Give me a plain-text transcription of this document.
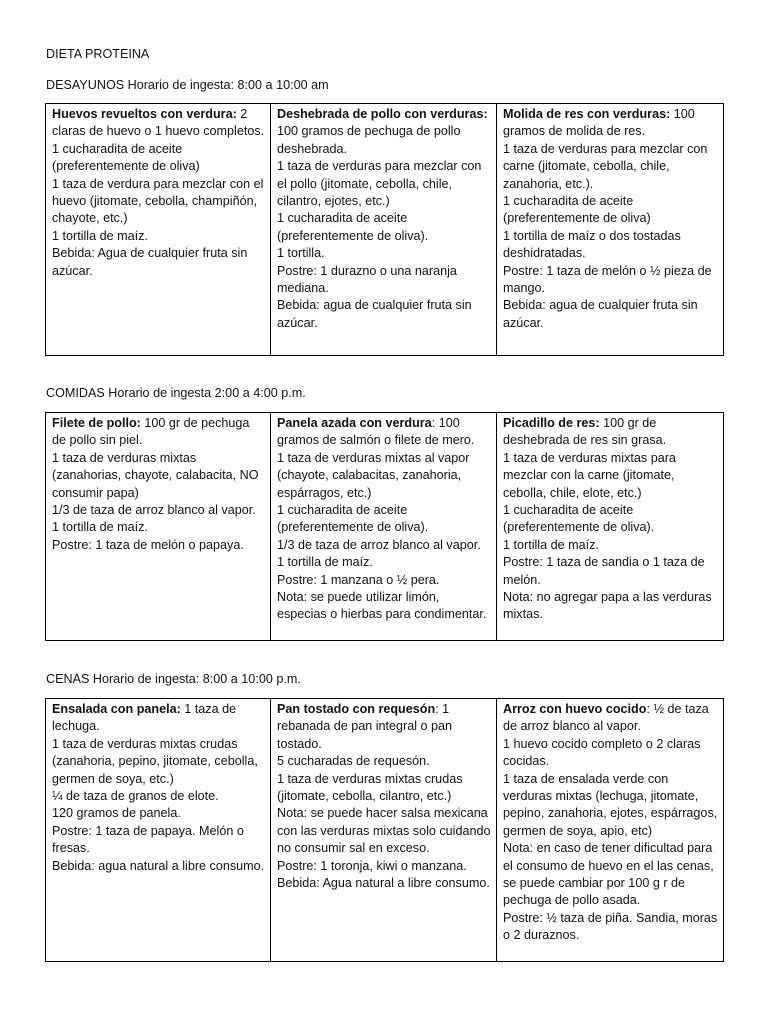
DIETA PROTEINA
DESAYUNOS Horario de ingesta: 8:00 a 10:00 am
Huevos revueltos con verdura: 2 claras de huevo o 1 huevo completos.
1 cucharadita de aceite (preferentemente de oliva)
1 taza de verdura para mezclar con el huevo (jitomate, cebolla, champiñón, chayote, etc.)
1 tortilla de maíz.
Bebida: Agua de cualquier fruta sin azúcar.

Deshebrada de pollo con verduras:
100 gramos de pechuga de pollo deshebrada.
1 taza de verduras para mezclar con el pollo (jitomate, cebolla, chile, cilantro, ejotes, etc.)
1 cucharadita de aceite (preferentemente de oliva).
1 tortilla.
Postre: 1 durazno o una naranja mediana.
Bebida: agua de cualquier fruta sin azúcar.
	Molida de res con verduras: 100 gramos de molida de res.
1 taza de verduras para mezclar con carne (jitomate, cebolla, chile, zanahoria, etc.).
1 cucharadita de aceite (preferentemente de oliva)
1 tortilla de maíz o dos tostadas deshidratadas.
Postre: 1 taza de melón o ½ pieza de mango.
Bebida: agua de cualquier fruta sin azúcar.
COMIDAS Horario de ingesta 2:00 a 4:00 p.m.
Filete de pollo: 100 gr de pechuga de pollo sin piel.
1 taza de verduras mixtas (zanahorias, chayote, calabacita, NO consumir papa)
1/3 de taza de arroz blanco al vapor.
1 tortilla de maíz.
Postre: 1 taza de melón o papaya.
	Panela azada con verdura: 100 gramos de salmón o filete de mero.
1 taza de verduras mixtas al vapor (chayote, calabacitas, zanahoria, espárragos, etc.)
1 cucharadita de aceite (preferentemente de oliva).
1/3 de taza de arroz blanco al vapor.
1 tortilla de maíz.
Postre: 1 manzana o ½ pera.
Nota: se puede utilizar limón, especias o hierbas para condimentar.
	Picadillo de res: 100 gr de deshebrada de res sin grasa.
1 taza de verduras mixtas para mezclar con la carne (jitomate, cebolla, chile, elote, etc.)
1 cucharadita de aceite (preferentemente de oliva).
1 tortilla de maíz.
Postre: 1 taza de sandia o 1 taza de melón.
Nota: no agregar papa a las verduras mixtas.
CENAS Horario de ingesta: 8:00 a 10:00 p.m.
Ensalada con panela: 1 taza de lechuga.
1 taza de verduras mixtas crudas (zanahoria, pepino, jitomate, cebolla, germen de soya, etc.)
¼ de taza de granos de elote.
120 gramos de panela.
Postre: 1 taza de papaya. Melón o fresas.
Bebida: agua natural a libre consumo.
	Pan tostado con requesón: 1 rebanada de pan integral o pan tostado.
5 cucharadas de requesón.
1 taza de verduras mixtas crudas (jitomate, cebolla, cilantro, etc.)
Nota: se puede hacer salsa mexicana con las verduras mixtas solo cuidando no consumir sal en exceso.
Postre: 1 toronja, kiwi o manzana.
Bebida: Agua natural a libre consumo.
	Arroz con huevo cocido: ½ de taza de arroz blanco al vapor.
1 huevo cocido completo o 2 claras cocidas.
1 taza de ensalada verde con verduras mixtas (lechuga, jitomate, pepino, zanahoria, ejotes, espárragos, germen de soya, apio, etc)
Nota: en caso de tener dificultad para el consumo de huevo en el las cenas, se puede cambiar por 100 g r de pechuga de pollo asada.
Postre: ½ taza de piña. Sandia, moras o 2 duraznos.
